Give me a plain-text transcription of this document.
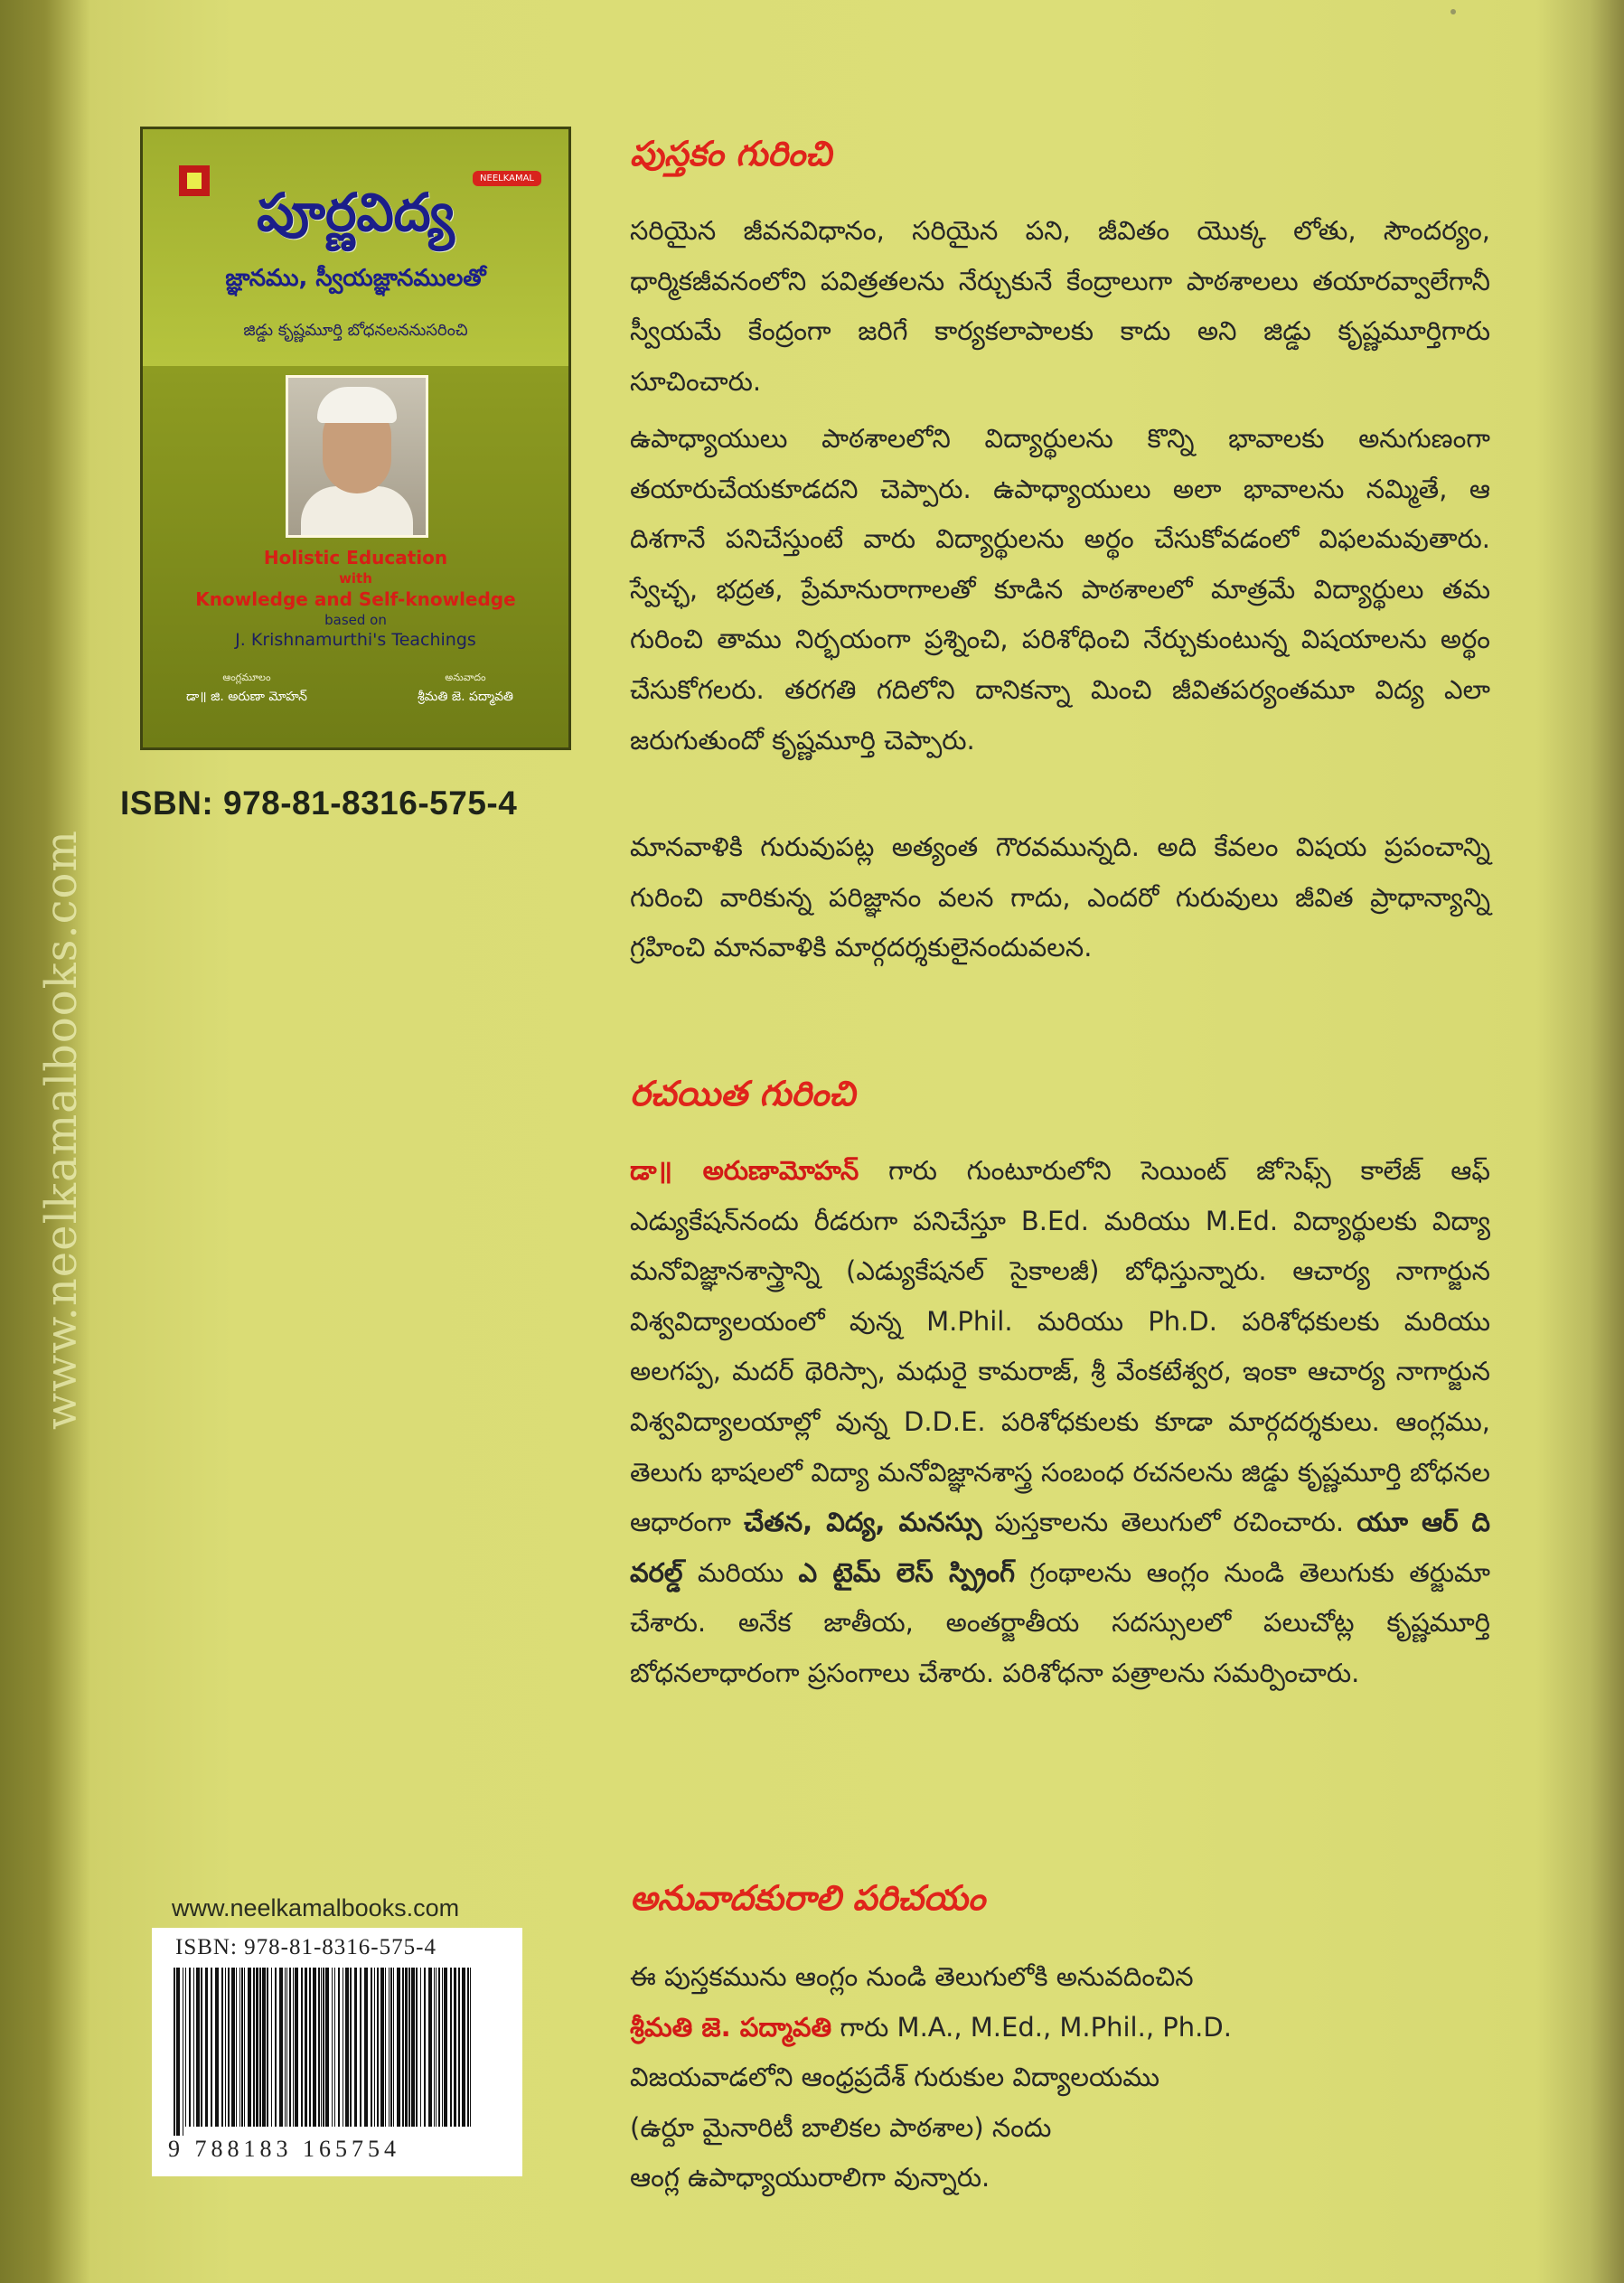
www.neelkamalbooks.com
NEELKAMAL
పూర్ణవిద్య
జ్ఞానము, స్వీయజ్ఞానములతో
జిడ్డు కృష్ణమూర్తి బోధనలననుసరించి
Holistic Education
with
Knowledge and Self-knowledge
based on
J. Krishnamurthi's Teachings
ఆంగ్లమూలం
డా॥ జి. అరుణా మోహన్
అనువాదం
శ్రీమతి జె. పద్మావతి
ISBN: 978-81-8316-575-4
www.neelkamalbooks.com
ISBN: 978-81-8316-575-4
9 788183 165754
పుస్తకం గురించి

సరియైన జీవనవిధానం, సరియైన పని, జీవితం యొక్క లోతు, సౌందర్యం, ధార్మికజీవనంలోని పవిత్రతలను నేర్చుకునే కేంద్రాలుగా పాఠశాలలు తయారవ్వాలేగానీ స్వీయమే కేంద్రంగా జరిగే కార్యకలాపాలకు కాదు అని జిడ్డు కృష్ణమూర్తిగారు సూచించారు.

ఉపాధ్యాయులు పాఠశాలలోని విద్యార్థులను కొన్ని భావాలకు అనుగుణంగా తయారుచేయకూడదని చెప్పారు. ఉపాధ్యాయులు అలా భావాలను నమ్మితే, ఆ దిశగానే పనిచేస్తుంటే వారు విద్యార్థులను అర్థం చేసుకోవడంలో విఫలమవుతారు. స్వేచ్ఛ, భద్రత, ప్రేమానురాగాలతో కూడిన పాఠశాలలో మాత్రమే విద్యార్థులు తమ గురించి తాము నిర్భయంగా ప్రశ్నించి, పరిశోధించి నేర్చుకుంటున్న విషయాలను అర్థం చేసుకోగలరు. తరగతి గదిలోని దానికన్నా మించి జీవితపర్యంతమూ విద్య ఎలా జరుగుతుందో కృష్ణమూర్తి చెప్పారు.

మానవాళికి గురువుపట్ల అత్యంత గౌరవమున్నది. అది కేవలం విషయ ప్రపంచాన్ని గురించి వారికున్న పరిజ్ఞానం వలన గాదు, ఎందరో గురువులు జీవిత ప్రాధాన్యాన్ని గ్రహించి మానవాళికి మార్గదర్శకులైనందువలన.

రచయిత గురించి

డా॥ అరుణామోహన్ గారు గుంటూరులోని సెయింట్ జోసెఫ్స్ కాలేజ్ ఆఫ్ ఎడ్యుకేషన్‌నందు రీడరుగా పనిచేస్తూ B.Ed. మరియు M.Ed. విద్యార్థులకు విద్యా మనోవిజ్ఞానశాస్త్రాన్ని (ఎడ్యుకేషనల్ సైకాలజీ) బోధిస్తున్నారు. ఆచార్య నాగార్జున విశ్వవిద్యాలయంలో వున్న M.Phil. మరియు Ph.D. పరిశోధకులకు మరియు అలగప్ప, మదర్ థెరిస్సా, మధురై కామరాజ్, శ్రీ వేంకటేశ్వర, ఇంకా ఆచార్య నాగార్జున విశ్వవిద్యాలయాల్లో వున్న D.D.E. పరిశోధకులకు కూడా మార్గదర్శకులు. ఆంగ్లము, తెలుగు భాషలలో విద్యా మనోవిజ్ఞానశాస్త్ర సంబంధ రచనలను జిడ్డు కృష్ణమూర్తి బోధనల ఆధారంగా చేతన, విద్య, మనస్సు పుస్తకాలను తెలుగులో రచించారు. యూ ఆర్ ది వరల్డ్ మరియు ఎ టైమ్ లెస్ స్ప్రింగ్ గ్రంథాలను ఆంగ్లం నుండి తెలుగుకు తర్జుమా చేశారు. అనేక జాతీయ, అంతర్జాతీయ సదస్సులలో పలుచోట్ల కృష్ణమూర్తి బోధనలాధారంగా ప్రసంగాలు చేశారు. పరిశోధనా పత్రాలను సమర్పించారు.

అనువాదకురాలి పరిచయం

ఈ పుస్తకమును ఆంగ్లం నుండి తెలుగులోకి అనువదించిన
శ్రీమతి జె. పద్మావతి గారు M.A., M.Ed., M.Phil., Ph.D.
విజయవాడలోని ఆంధ్రప్రదేశ్ గురుకుల విద్యాలయము
(ఉర్దూ మైనారిటీ బాలికల పాఠశాల) నందు
ఆంగ్ల ఉపాధ్యాయురాలిగా వున్నారు.
